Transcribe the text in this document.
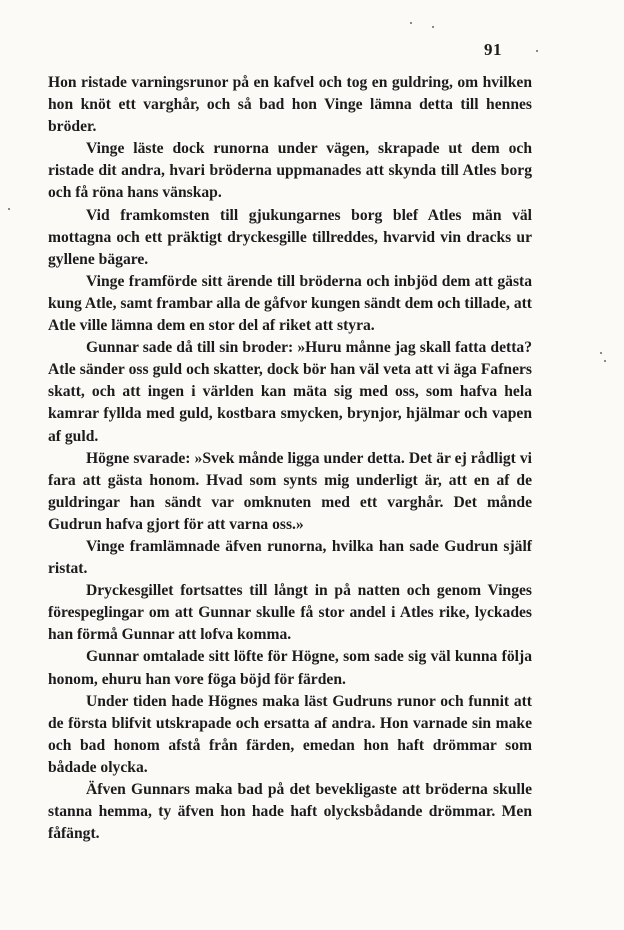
91

Hon ristade varningsrunor på en kafvel och tog en guldring, om hvilken hon knöt ett varghår, och så bad hon Vinge lämna detta till hennes bröder.

Vinge läste dock runorna under vägen, skrapade ut dem och ristade dit andra, hvari bröderna uppmanades att skynda till Atles borg och få röna hans vänskap.

Vid framkomsten till gjukungarnes borg blef Atles män väl mottagna och ett präktigt dryckesgille tillreddes, hvarvid vin dracks ur gyllene bägare.

Vinge framförde sitt ärende till bröderna och inbjöd dem att gästa kung Atle, samt frambar alla de gåfvor kungen sändt dem och tillade, att Atle ville lämna dem en stor del af riket att styra.

Gunnar sade då till sin broder: »Huru månne jag skall fatta detta? Atle sänder oss guld och skatter, dock bör han väl veta att vi äga Fafners skatt, och att ingen i världen kan mäta sig med oss, som hafva hela kamrar fyllda med guld, kostbara smycken, brynjor, hjälmar och vapen af guld.

Högne svarade: »Svek månde ligga under detta. Det är ej rådligt vi fara att gästa honom. Hvad som synts mig underligt är, att en af de guldringar han sändt var omknuten med ett varghår. Det månde Gudrun hafva gjort för att varna oss.»

Vinge framlämnade äfven runorna, hvilka han sade Gudrun själf ristat.

Dryckesgillet fortsattes till långt in på natten och genom Vinges förespeglingar om att Gunnar skulle få stor andel i Atles rike, lyckades han förmå Gunnar att lofva komma.

Gunnar omtalade sitt löfte för Högne, som sade sig väl kunna följa honom, ehuru han vore föga böjd för färden.

Under tiden hade Högnes maka läst Gudruns runor och funnit att de första blifvit utskrapade och ersatta af andra. Hon varnade sin make och bad honom afstå från färden, emedan hon haft drömmar som bådade olycka.

Äfven Gunnars maka bad på det bevekligaste att bröderna skulle stanna hemma, ty äfven hon hade haft olycksbådande drömmar. Men fåfängt.
